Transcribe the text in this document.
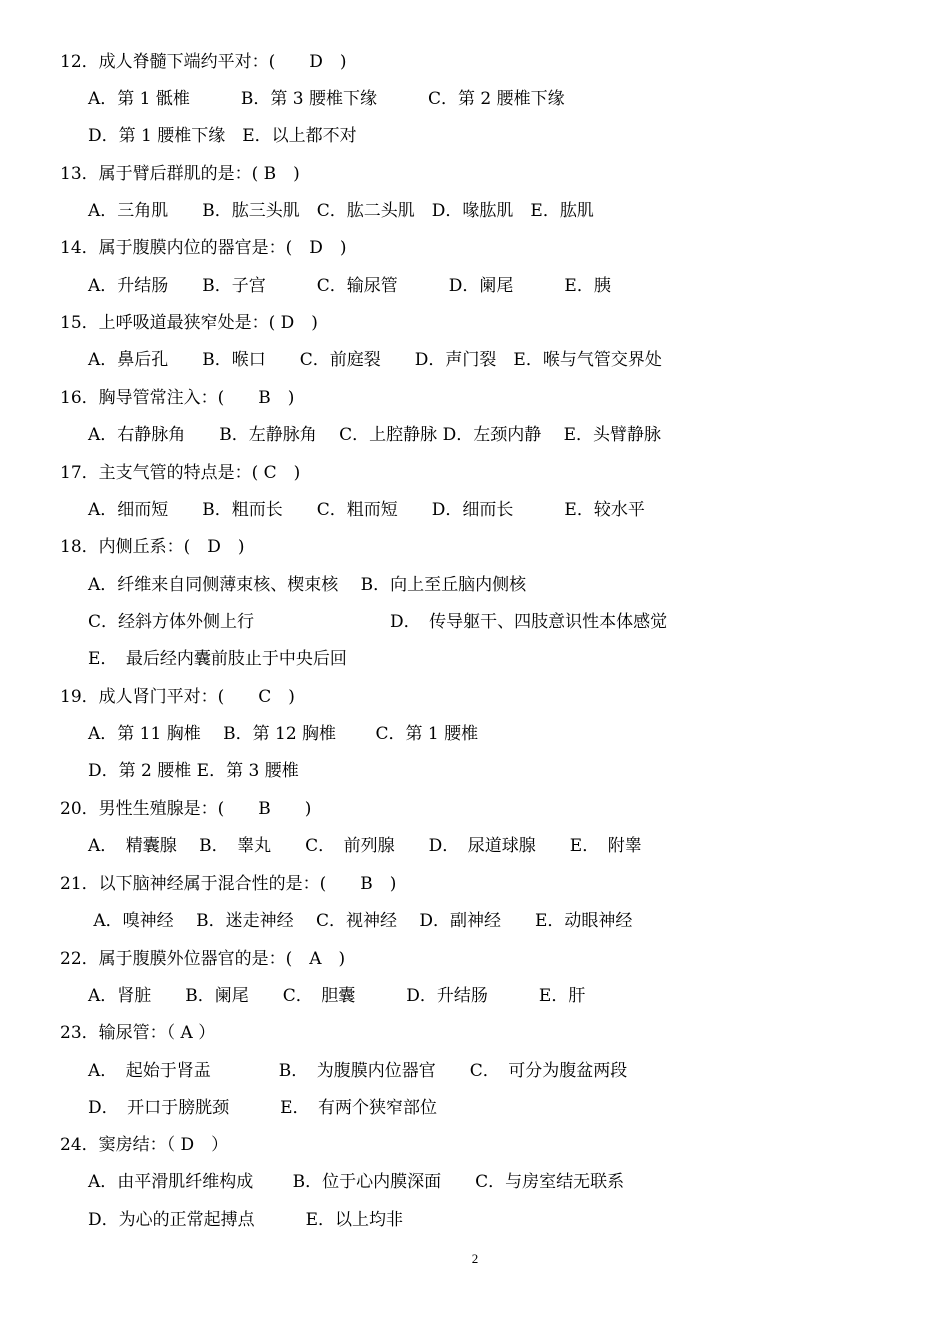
12．成人脊髓下端约平对：(　　D　)
A．第 1 骶椎　　　B．第 3 腰椎下缘　　　C．第 2 腰椎下缘
D．第 1 腰椎下缘　E．以上都不对
13．属于臂后群肌的是：( B　)
A．三角肌　　B．肱三头肌　C．肱二头肌　D．喙肱肌　E．肱肌
14．属于腹膜内位的器官是：(　D　)
A．升结肠　　B．子宫　　　C．输尿管　　　D．阑尾　　　E．胰
15．上呼吸道最狭窄处是：( D　)
A．鼻后孔　　B．喉口　　C．前庭裂　　D．声门裂　E．喉与气管交界处
16．胸导管常注入：(　　B　)
A．右静脉角　　B．左静脉角　 C．上腔静脉 D．左颈内静　 E．头臂静脉
17．主支气管的特点是：( C　)
A．细而短　　B．粗而长　　C．粗而短　　D．细而长　　　E．较水平
18．内侧丘系：(　D　)
A．纤维来自同侧薄束核、楔束核　 B．向上至丘脑内侧核
C．经斜方体外侧上行　　　　　　　　D．　传导躯干、四肢意识性本体感觉
E．　最后经内囊前肢止于中央后回
19．成人肾门平对：(　　C　)
A．第 11 胸椎　 B．第 12 胸椎　　 C．第 1 腰椎
D．第 2 腰椎 E．第 3 腰椎
20．男性生殖腺是：(　　B　　)
A．　精囊腺　 B．　睾丸　　C．　前列腺　　D．　尿道球腺　　E．　附睾
21．以下脑神经属于混合性的是：(　　B　)
A．嗅神经　 B．迷走神经　 C．视神经　 D．副神经　　E．动眼神经
22．属于腹膜外位器官的是：(　A　)
A．肾脏　　B．阑尾　　C．　胆囊　　　D．升结肠　　　E．肝
23．输尿管：（ A ）
A．　起始于肾盂　　　　B．　为腹膜内位器官　　C．　可分为腹盆两段
D．　开口于膀胱颈　　　E．　有两个狭窄部位
24．窦房结：（ D　）
A．由平滑肌纤维构成　　 B．位于心内膜深面　　C．与房室结无联系
D．为心的正常起搏点　　　E．以上均非
2
